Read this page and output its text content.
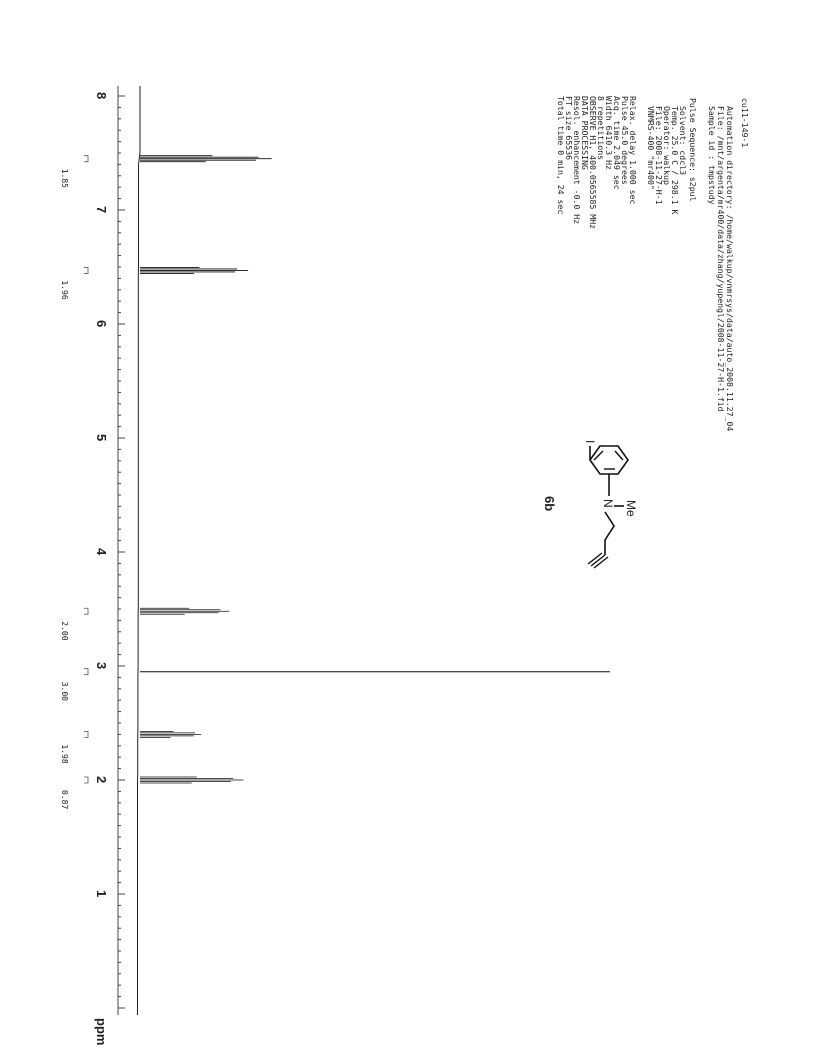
cu11-149-1
Automation directory: /home/walkup/vnmrsys/data/auto_2008.11.27_04
File: /mnt/argenta/mr400/data/zhang/yupengl/2008-11-27-H-1.fid
Sample id : tmpstudy
Pulse Sequence: s2pul
Solvent: cdcl3
Temp. 25.0 C / 298.1 K
Operator: walkup
File: 2008-11-27-H-1
VNMRS-400 "mr400"
Relax. delay 1.000 sec
Pulse 45.0 degrees
Acq. time 2.049 sec
Width 6410.3 Hz
8 repetitions
OBSERVE H1, 400.0565585 MHz
DATA PROCESSING
Resol. enhancement -0.0 Hz
FT size 65536
Total time 0 min, 24 sec
I
N Me
6b
8
7
6
5
4
3
2
1
ppm
1.85
1.96
2.00
3.00
1.98
0.87
